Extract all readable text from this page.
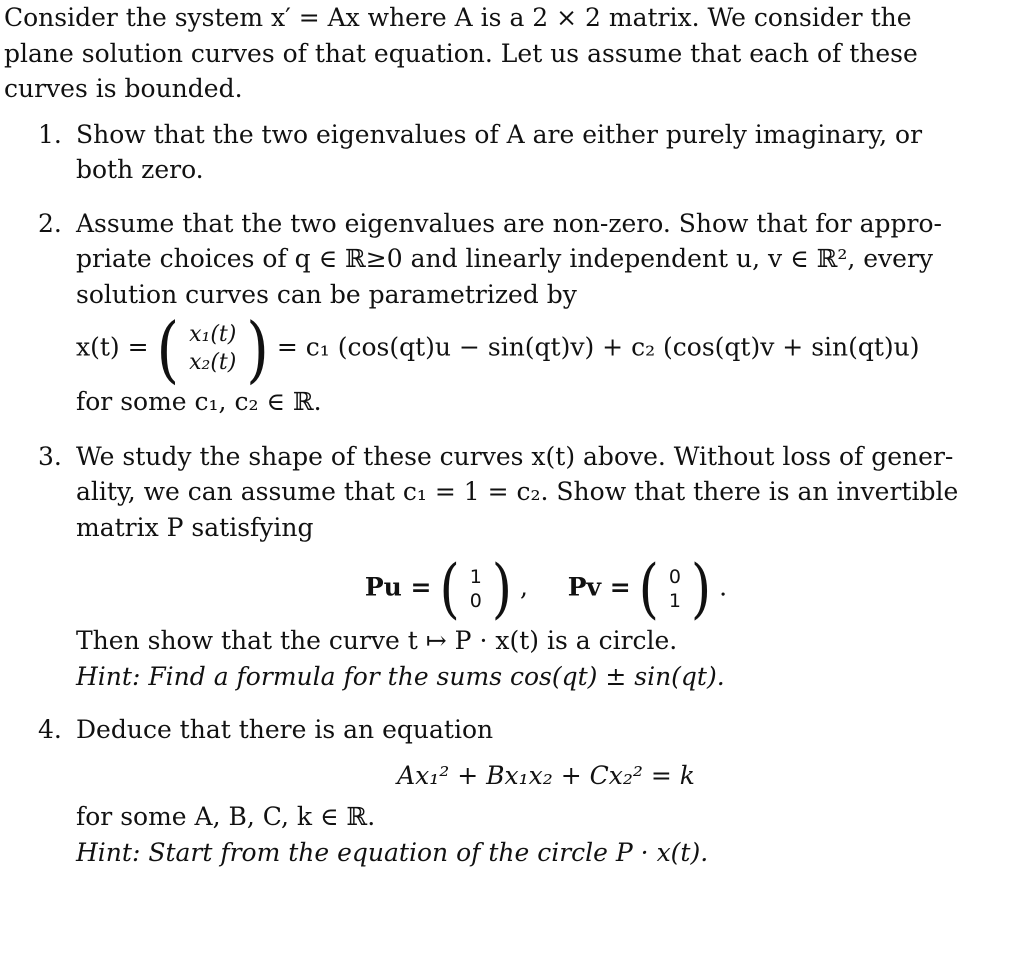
Consider the system x′ = Ax where A is a 2 × 2 matrix. We consider the
plane solution curves of that equation. Let us assume that each of these
curves is bounded.
1. Show that the two eigenvalues of A are either purely imaginary, or
both zero.
2. Assume that the two eigenvalues are non-zero. Show that for appro-
priate choices of q ∈ ℝ≥0 and linearly independent u, v ∈ ℝ², every
solution curves can be parametrized by
x(t) = ( x₁(t)
x₂(t) ) = c₁ (cos(qt)u − sin(qt)v) + c₂ (cos(qt)v + sin(qt)u)
for some c₁, c₂ ∈ ℝ.
3. We study the shape of these curves x(t) above. Without loss of gener-
ality, we can assume that c₁ = 1 = c₂. Show that there is an invertible
matrix P satisfying
Pu = ( 1
0 ) , Pv = ( 0
1 ) .
Then show that the curve t ↦ P · x(t) is a circle.
Hint: Find a formula for the sums cos(qt) ± sin(qt).
4. Deduce that there is an equation
Ax₁² + Bx₁x₂ + Cx₂² = k
for some A, B, C, k ∈ ℝ.
Hint: Start from the equation of the circle P · x(t).
